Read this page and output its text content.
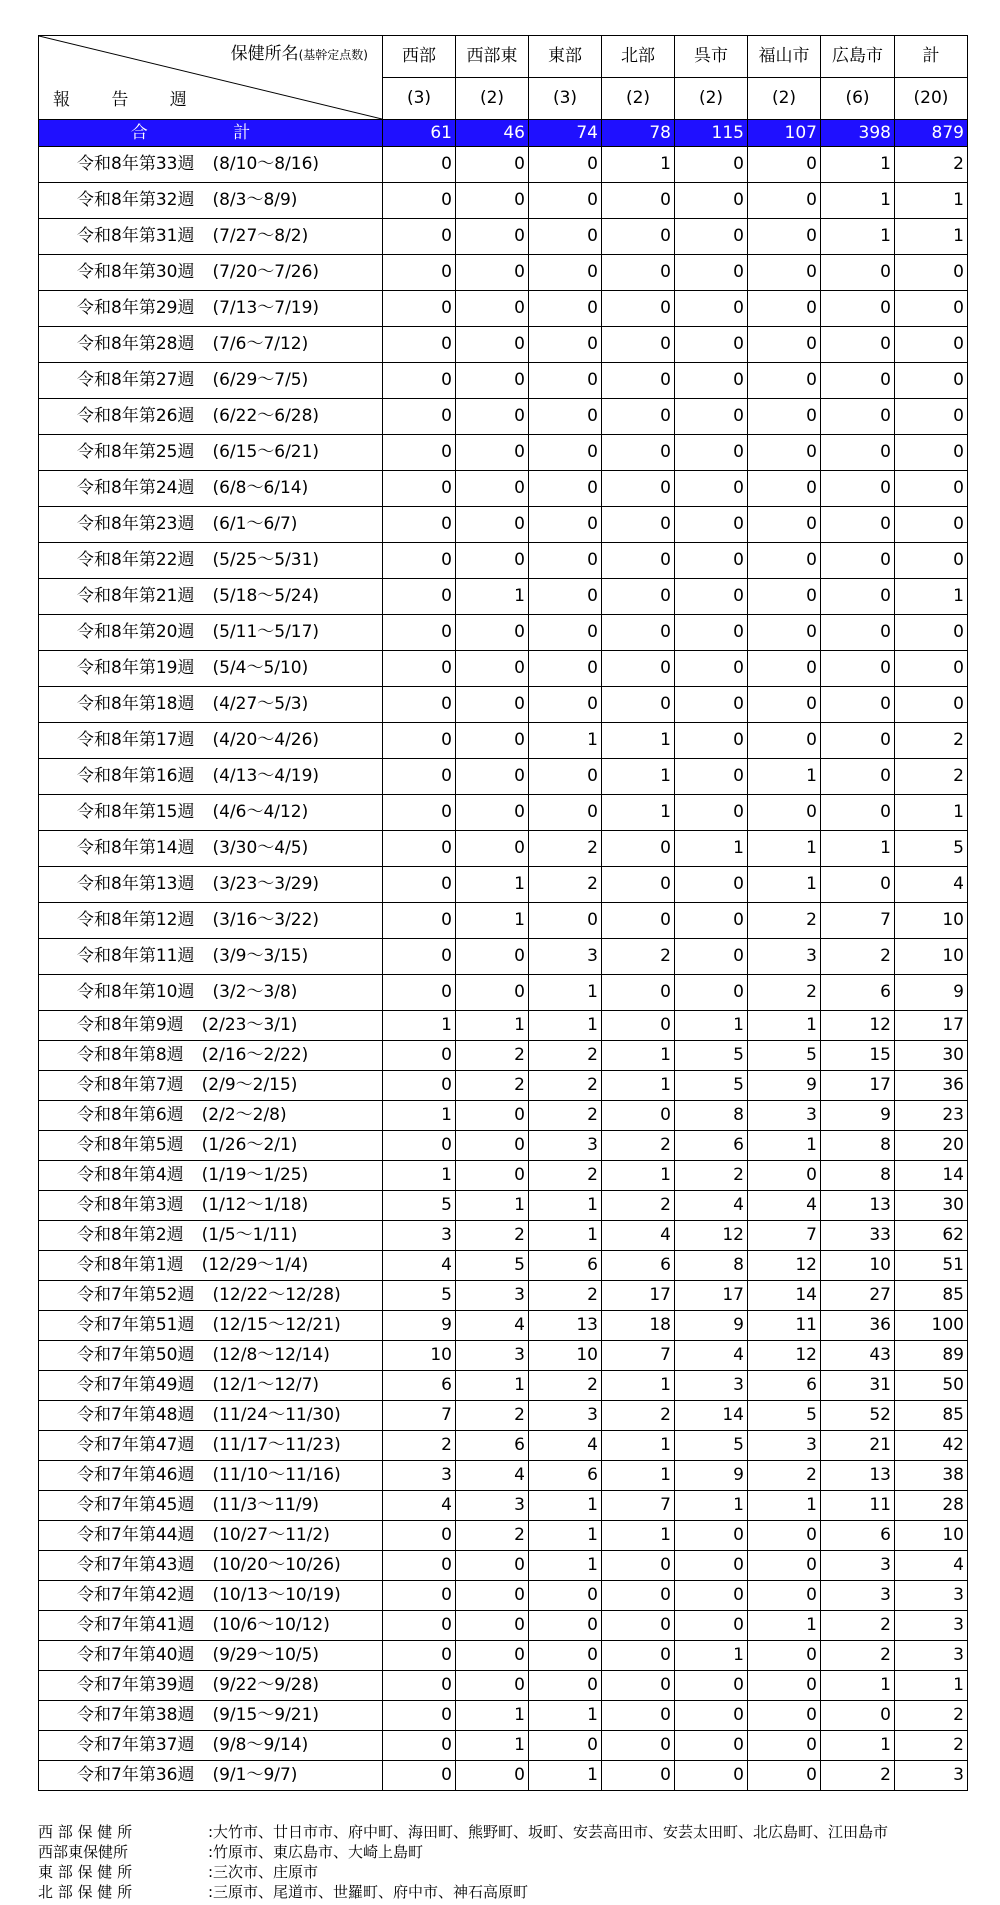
保健所名(基幹定点数)
報 告 週	西部	西部東	東部	北部	呉市	福山市	広島市	計
	(3)	(2)	(3)	(2)	(2)	(2)	(6)	(20)
合 計	61	46	74	78	115	107	398	879
令和8年第33週 (8/10～8/16)	0	0	0	1	0	0	1	2
令和8年第32週 (8/3～8/9)	0	0	0	0	0	0	1	1
令和8年第31週 (7/27～8/2)	0	0	0	0	0	0	1	1
令和8年第30週 (7/20～7/26)	0	0	0	0	0	0	0	0
令和8年第29週 (7/13～7/19)	0	0	0	0	0	0	0	0
令和8年第28週 (7/6～7/12)	0	0	0	0	0	0	0	0
令和8年第27週 (6/29～7/5)	0	0	0	0	0	0	0	0
令和8年第26週 (6/22～6/28)	0	0	0	0	0	0	0	0
令和8年第25週 (6/15～6/21)	0	0	0	0	0	0	0	0
令和8年第24週 (6/8～6/14)	0	0	0	0	0	0	0	0
令和8年第23週 (6/1～6/7)	0	0	0	0	0	0	0	0
令和8年第22週 (5/25～5/31)	0	0	0	0	0	0	0	0
令和8年第21週 (5/18～5/24)	0	1	0	0	0	0	0	1
令和8年第20週 (5/11～5/17)	0	0	0	0	0	0	0	0
令和8年第19週 (5/4～5/10)	0	0	0	0	0	0	0	0
令和8年第18週 (4/27～5/3)	0	0	0	0	0	0	0	0
令和8年第17週 (4/20～4/26)	0	0	1	1	0	0	0	2
令和8年第16週 (4/13～4/19)	0	0	0	1	0	1	0	2
令和8年第15週 (4/6～4/12)	0	0	0	1	0	0	0	1
令和8年第14週 (3/30～4/5)	0	0	2	0	1	1	1	5
令和8年第13週 (3/23～3/29)	0	1	2	0	0	1	0	4
令和8年第12週 (3/16～3/22)	0	1	0	0	0	2	7	10
令和8年第11週 (3/9～3/15)	0	0	3	2	0	3	2	10
令和8年第10週 (3/2～3/8)	0	0	1	0	0	2	6	9
令和8年第9週 (2/23～3/1)	1	1	1	0	1	1	12	17
令和8年第8週 (2/16～2/22)	0	2	2	1	5	5	15	30
令和8年第7週 (2/9～2/15)	0	2	2	1	5	9	17	36
令和8年第6週 (2/2～2/8)	1	0	2	0	8	3	9	23
令和8年第5週 (1/26～2/1)	0	0	3	2	6	1	8	20
令和8年第4週 (1/19～1/25)	1	0	2	1	2	0	8	14
令和8年第3週 (1/12～1/18)	5	1	1	2	4	4	13	30
令和8年第2週 (1/5～1/11)	3	2	1	4	12	7	33	62
令和8年第1週 (12/29～1/4)	4	5	6	6	8	12	10	51
令和7年第52週 (12/22～12/28)	5	3	2	17	17	14	27	85
令和7年第51週 (12/15～12/21)	9	4	13	18	9	11	36	100
令和7年第50週 (12/8～12/14)	10	3	10	7	4	12	43	89
令和7年第49週 (12/1～12/7)	6	1	2	1	3	6	31	50
令和7年第48週 (11/24～11/30)	7	2	3	2	14	5	52	85
令和7年第47週 (11/17～11/23)	2	6	4	1	5	3	21	42
令和7年第46週 (11/10～11/16)	3	4	6	1	9	2	13	38
令和7年第45週 (11/3～11/9)	4	3	1	7	1	1	11	28
令和7年第44週 (10/27～11/2)	0	2	1	1	0	0	6	10
令和7年第43週 (10/20～10/26)	0	0	1	0	0	0	3	4
令和7年第42週 (10/13～10/19)	0	0	0	0	0	0	3	3
令和7年第41週 (10/6～10/12)	0	0	0	0	0	1	2	3
令和7年第40週 (9/29～10/5)	0	0	0	0	1	0	2	3
令和7年第39週 (9/22～9/28)	0	0	0	0	0	0	1	1
令和7年第38週 (9/15～9/21)	0	1	1	0	0	0	0	2
令和7年第37週 (9/8～9/14)	0	1	0	0	0	0	1	2
令和7年第36週 (9/1～9/7)	0	0	1	0	0	0	2	3
西 部 保 健 所	:大竹市、廿日市市、府中町、海田町、熊野町、坂町、安芸高田市、安芸太田町、北広島町、江田島市
西部東保健所	:竹原市、東広島市、大崎上島町
東 部 保 健 所	:三次市、庄原市
北 部 保 健 所	:三原市、尾道市、世羅町、府中市、神石高原町
